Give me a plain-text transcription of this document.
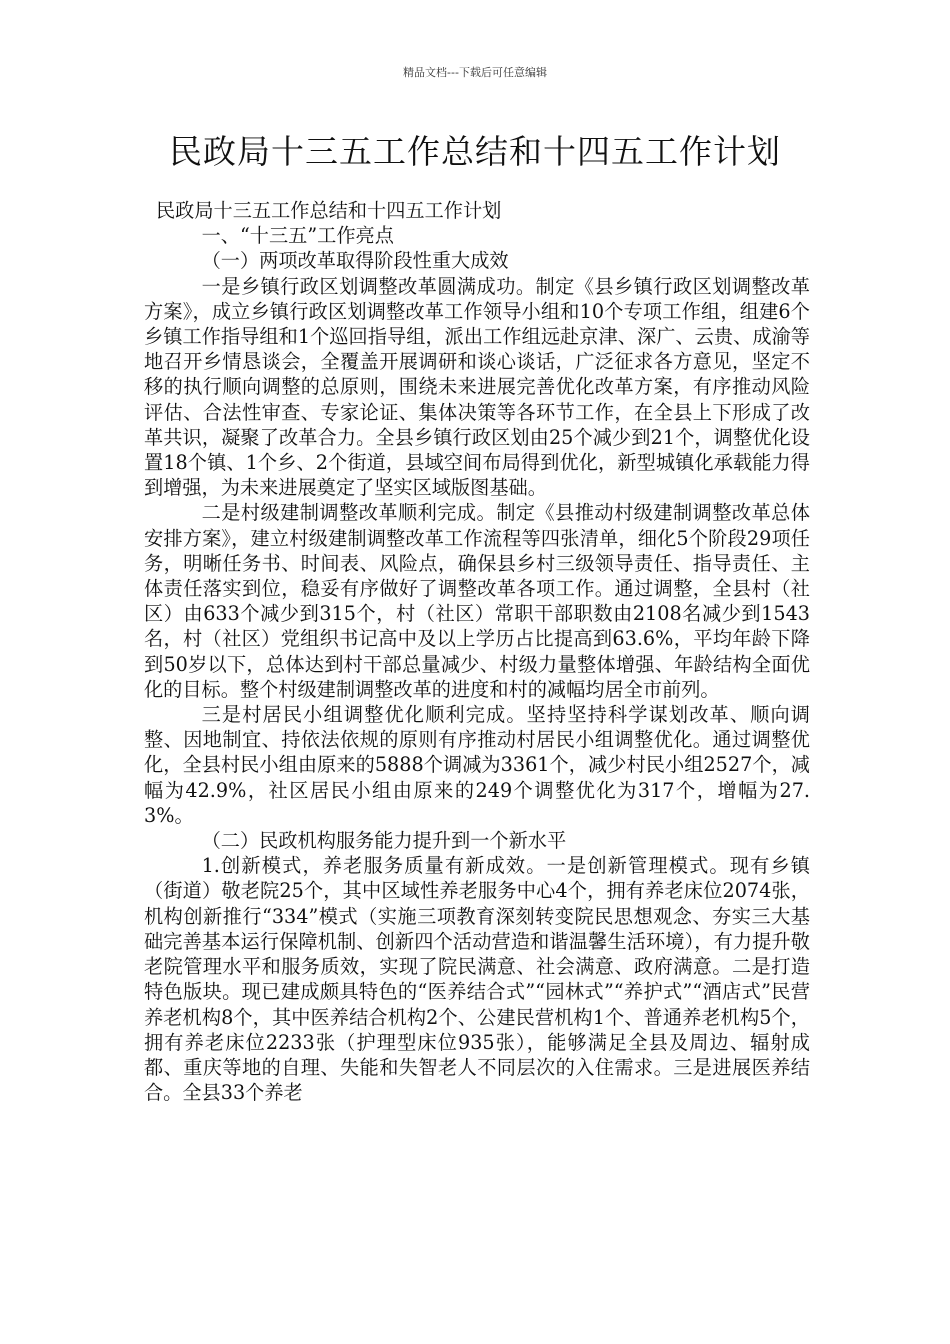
精品文档---下载后可任意编辑
民政局十三五工作总结和十四五工作计划

民政局十三五工作总结和十四五工作计划

一、“十三五”工作亮点

（一）两项改革取得阶段性重大成效

一是乡镇行政区划调整改革圆满成功。制定《县乡镇行政区划调整改革方案》，成立乡镇行政区划调整改革工作领导小组和10个专项工作组，组建6个乡镇工作指导组和1个巡回指导组，派出工作组远赴京津、深广、云贵、成渝等地召开乡情恳谈会，全覆盖开展调研和谈心谈话，广泛征求各方意见，坚定不移的执行顺向调整的总原则，围绕未来进展完善优化改革方案，有序推动风险评估、合法性审查、专家论证、集体决策等各环节工作，在全县上下形成了改革共识，凝聚了改革合力。全县乡镇行政区划由25个减少到21个，调整优化设置18个镇、1个乡、2个街道，县域空间布局得到优化，新型城镇化承载能力得到增强，为未来进展奠定了坚实区域版图基础。

二是村级建制调整改革顺利完成。制定《县推动村级建制调整改革总体安排方案》，建立村级建制调整改革工作流程等四张清单，细化5个阶段29项任务，明晰任务书、时间表、风险点，确保县乡村三级领导责任、指导责任、主体责任落实到位，稳妥有序做好了调整改革各项工作。通过调整，全县村（社区）由633个减少到315个，村（社区）常职干部职数由2108名减少到1543名，村（社区）党组织书记高中及以上学历占比提高到63.6%，平均年龄下降到50岁以下，总体达到村干部总量减少、村级力量整体增强、年龄结构全面优化的目标。整个村级建制调整改革的进度和村的减幅均居全市前列。

三是村居民小组调整优化顺利完成。坚持坚持科学谋划改革、顺向调整、因地制宜、持依法依规的原则有序推动村居民小组调整优化。通过调整优化，全县村民小组由原来的5888个调减为3361个，减少村民小组2527个，减幅为42.9%，社区居民小组由原来的249个调整优化为317个，增幅为27.3%。

（二）民政机构服务能力提升到一个新水平

1.创新模式，养老服务质量有新成效。一是创新管理模式。现有乡镇（街道）敬老院25个，其中区域性养老服务中心4个，拥有养老床位2074张，机构创新推行“334”模式（实施三项教育深刻转变院民思想观念、夯实三大基础完善基本运行保障机制、创新四个活动营造和谐温馨生活环境），有力提升敬老院管理水平和服务质效，实现了院民满意、社会满意、政府满意。二是打造特色版块。现已建成颇具特色的“医养结合式”“园林式”“养护式”“酒店式”民营养老机构8个，其中医养结合机构2个、公建民营机构1个、普通养老机构5个，拥有养老床位2233张（护理型床位935张），能够满足全县及周边、辐射成都、重庆等地的自理、失能和失智老人不同层次的入住需求。三是进展医养结合。全县33个养老
